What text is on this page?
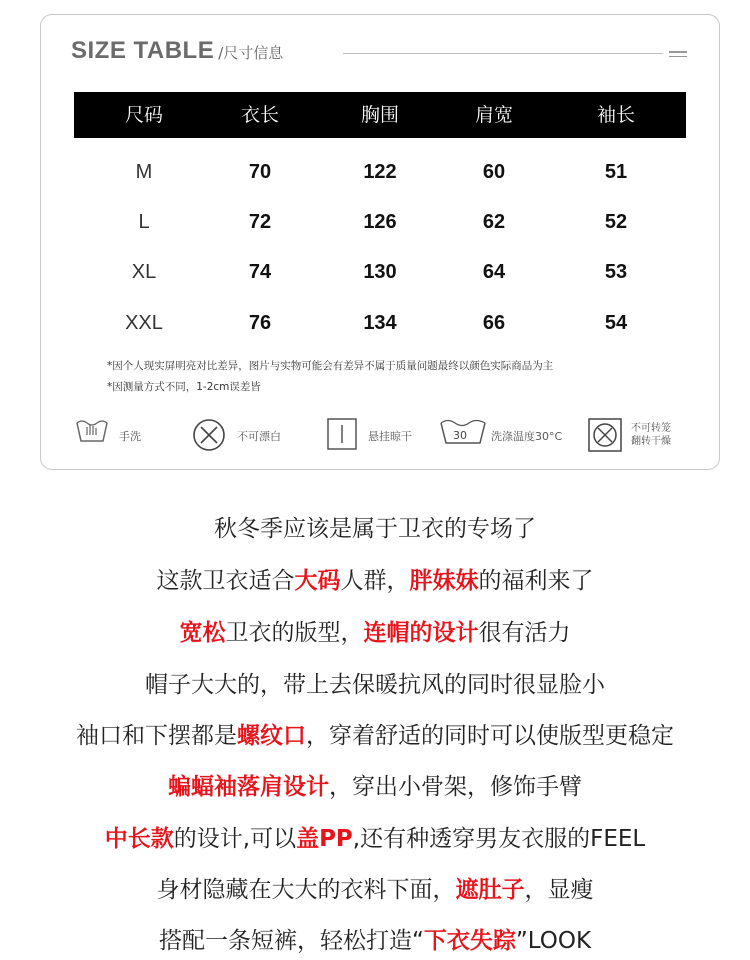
SIZE TABLE /尺寸信息
尺码	衣长	胸围	肩宽	袖长
M	70	122	60	51
L	72	126	62	52
XL	74	130	64	53
XXL	76	134	66	54
*因个人现实屏明亮对比差异，图片与实物可能会有差异不属于质量问题最终以颜色实际商品为主
*因测量方式不同，1-2cm误差皆
手洗	不可漂白	悬挂晾干	30 洗涤温度30°C
不可转笼
翻转干燥
秋冬季应该是属于卫衣的专场了
这款卫衣适合大码人群，胖妹妹的福利来了
宽松卫衣的版型，连帽的设计很有活力
帽子大大的，带上去保暖抗风的同时很显脸小
袖口和下摆都是螺纹口，穿着舒适的同时可以使版型更稳定
蝙蝠袖落肩设计，穿出小骨架，修饰手臂
中长款的设计,可以盖PP,还有种透穿男友衣服的FEEL
身材隐藏在大大的衣料下面，遮肚子，显瘦
搭配一条短裤，轻松打造“下衣失踪”LOOK
